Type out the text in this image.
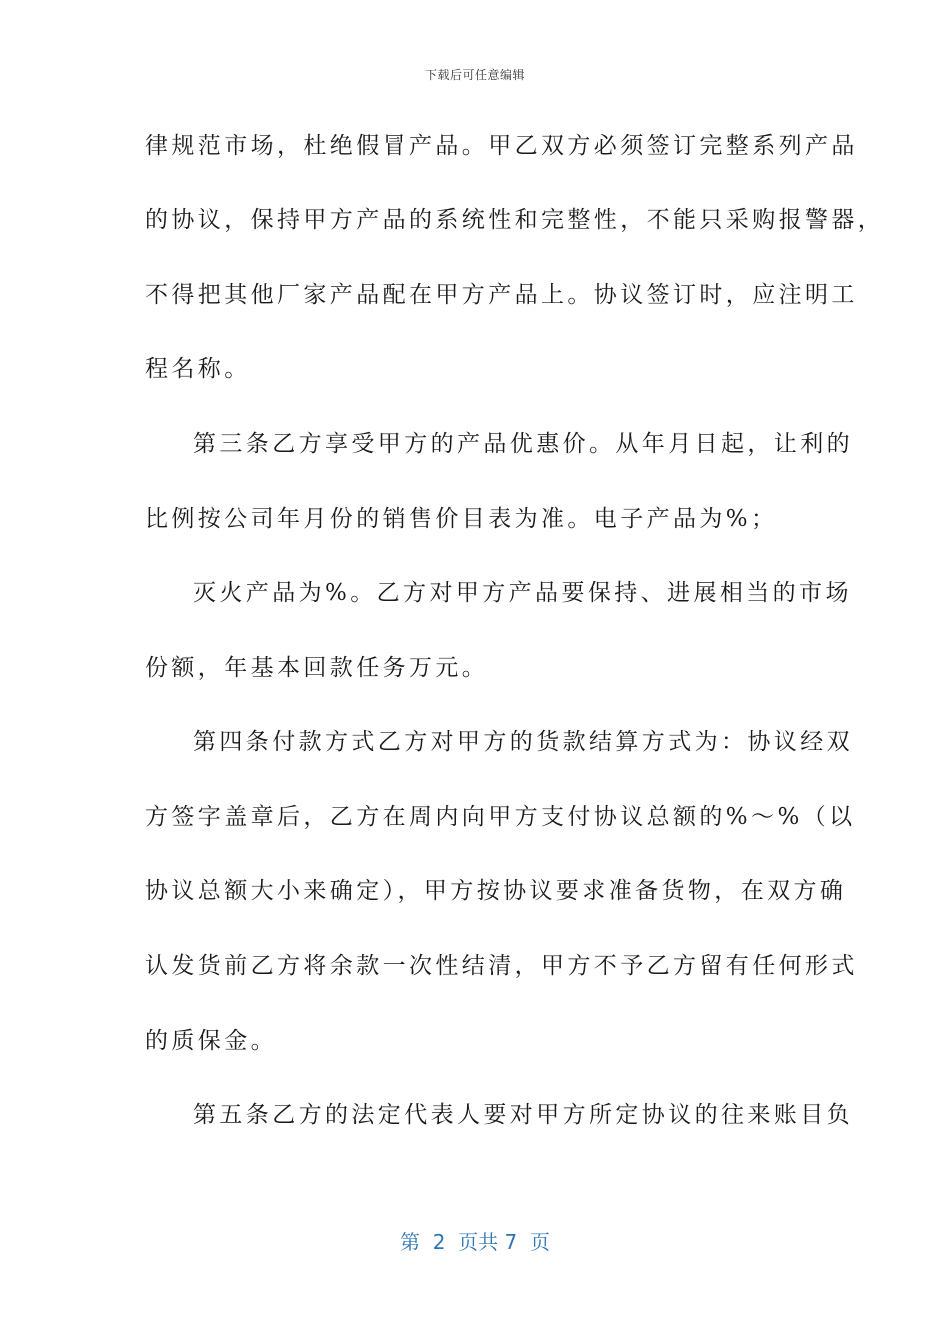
下载后可任意编辑
律规范市场，杜绝假冒产品。甲乙双方必须签订完整系列产品
的协议，保持甲方产品的系统性和完整性，不能只采购报警器，
不得把其他厂家产品配在甲方产品上。协议签订时，应注明工
程名称。
第三条乙方享受甲方的产品优惠价。从年月日起，让利的
比例按公司年月份的销售价目表为准。电子产品为%；
灭火产品为%。乙方对甲方产品要保持、进展相当的市场
份额，年基本回款任务万元。
第四条付款方式乙方对甲方的货款结算方式为：协议经双
方签字盖章后，乙方在周内向甲方支付协议总额的%～%（以
协议总额大小来确定），甲方按协议要求准备货物，在双方确
认发货前乙方将余款一次性结清，甲方不予乙方留有任何形式
的质保金。
第五条乙方的法定代表人要对甲方所定协议的往来账目负
第  2  页共 7  页
